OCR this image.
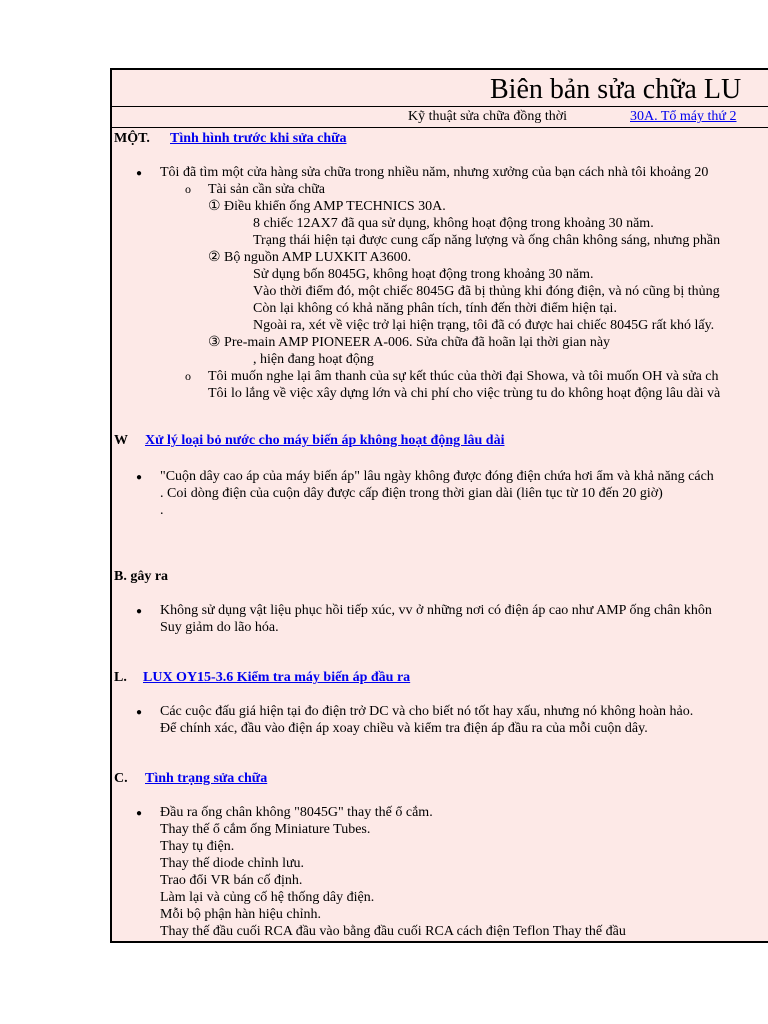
Biên bản sửa chữa LU
Kỹ thuật sửa chữa đồng thời	30A. Tổ máy thứ 2
MỘT. Tình hình trước khi sửa chữa
● Tôi đã tìm một cửa hàng sửa chữa trong nhiều năm, nhưng xưởng của bạn cách nhà tôi khoảng 20
o Tài sản cần sửa chữa
① Điều khiển ống AMP TECHNICS 30A.
8 chiếc 12AX7 đã qua sử dụng, không hoạt động trong khoảng 30 năm.
Trạng thái hiện tại được cung cấp năng lượng và ống chân không sáng, nhưng phần
② Bộ nguồn AMP LUXKIT A3600.
Sử dụng bốn 8045G, không hoạt động trong khoảng 30 năm.
Vào thời điểm đó, một chiếc 8045G đã bị thủng khi đóng điện, và nó cũng bị thủng
Còn lại không có khả năng phân tích, tính đến thời điểm hiện tại.
Ngoài ra, xét về việc trở lại hiện trạng, tôi đã có được hai chiếc 8045G rất khó lấy.
③ Pre-main AMP PIONEER A-006. Sửa chữa đã hoãn lại thời gian này
, hiện đang hoạt động
o Tôi muốn nghe lại âm thanh của sự kết thúc của thời đại Showa, và tôi muốn OH và sửa ch
Tôi lo lắng về việc xây dựng lớn và chi phí cho việc trùng tu do không hoạt động lâu dài và
W Xử lý loại bỏ nước cho máy biến áp không hoạt động lâu dài
● "Cuộn dây cao áp của máy biến áp" lâu ngày không được đóng điện chứa hơi ẩm và khả năng cách
. Coi dòng điện của cuộn dây được cấp điện trong thời gian dài (liên tục từ 10 đến 20 giờ)
.
B. gây ra
● Không sử dụng vật liệu phục hồi tiếp xúc, vv ở những nơi có điện áp cao như AMP ống chân khôn
Suy giảm do lão hóa.
L. LUX OY15-3.6 Kiểm tra máy biến áp đầu ra
● Các cuộc đấu giá hiện tại đo điện trở DC và cho biết nó tốt hay xấu, nhưng nó không hoàn hảo.
Để chính xác, đầu vào điện áp xoay chiều và kiểm tra điện áp đầu ra của mỗi cuộn dây.
C. Tình trạng sửa chữa
● Đầu ra ống chân không "8045G" thay thế ổ cắm.
Thay thế ổ cắm ống Miniature Tubes.
Thay tụ điện.
Thay thế diode chỉnh lưu.
Trao đổi VR bán cố định.
Làm lại và củng cố hệ thống dây điện.
Mỗi bộ phận hàn hiệu chỉnh.
Thay thế đầu cuối RCA đầu vào bằng đầu cuối RCA cách điện Teflon Thay thế đầu
